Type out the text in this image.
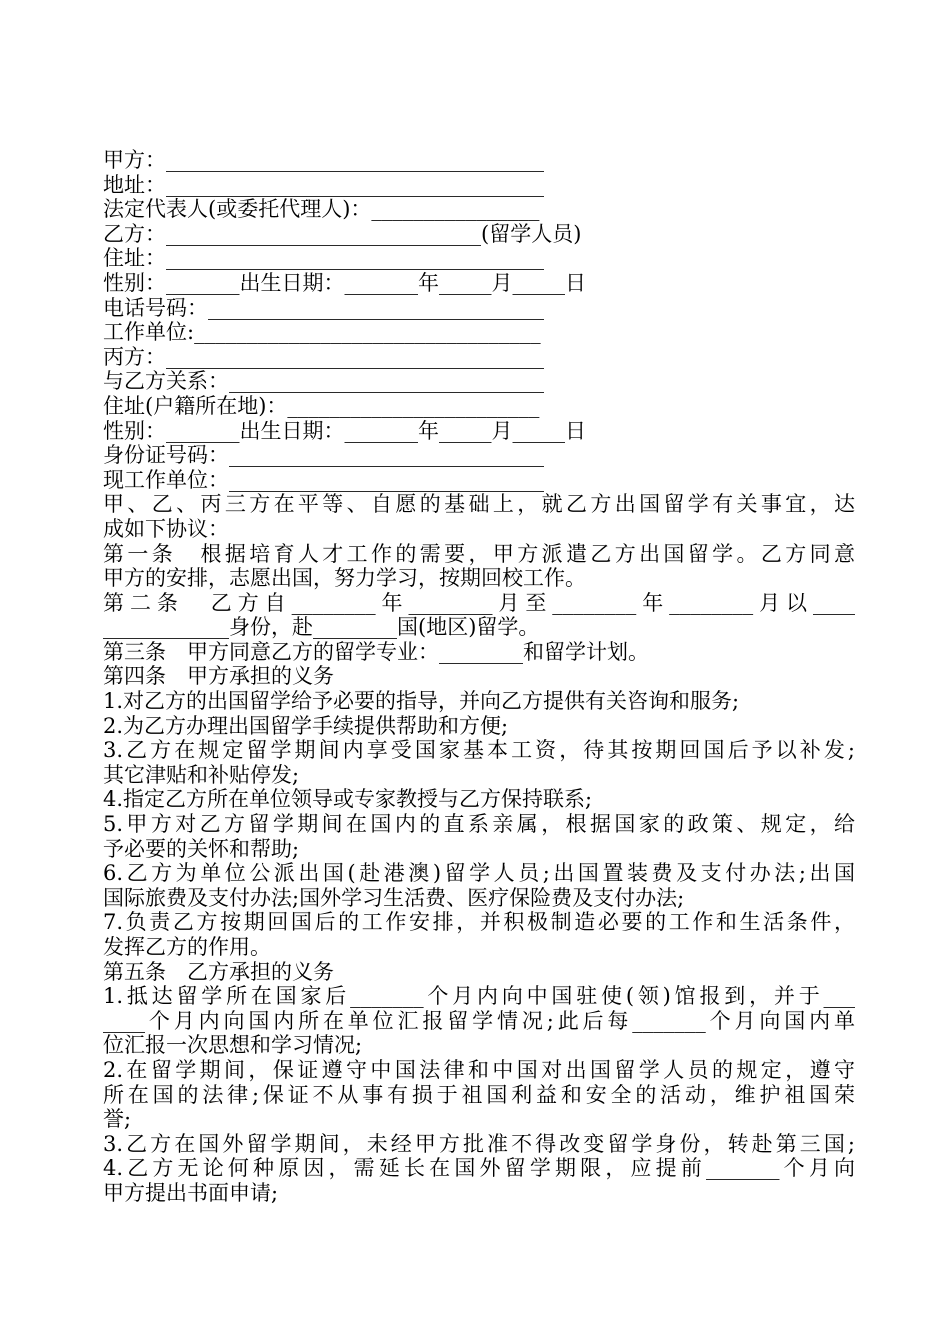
甲方：____________________________________
地址：____________________________________
法定代表人(或委托代理人)：________________
乙方：______________________________(留学人员)
住址：____________________________________
性别：_______出生日期：_______年_____月_____日
电话号码：________________________________
工作单位:_________________________________
丙方：____________________________________
与乙方关系：______________________________
住址(户籍所在地)：________________________
性别：_______出生日期：_______年_____月_____日
身份证号码：______________________________
现工作单位：______________________________
甲、乙、丙三方在平等、自愿的基础上，就乙方出国留学有关事宜，达
成如下协议：
第一条　根据培育人才工作的需要，甲方派遣乙方出国留学。乙方同意
甲方的安排，志愿出国，努力学习，按期回校工作。
第二条　乙方自________年________月至________年________月以____
____________身份，赴________国(地区)留学。
第三条　甲方同意乙方的留学专业：________和留学计划。
第四条　甲方承担的义务
1.对乙方的出国留学给予必要的指导，并向乙方提供有关咨询和服务;
2.为乙方办理出国留学手续提供帮助和方便;
3.乙方在规定留学期间内享受国家基本工资，待其按期回国后予以补发;
其它津贴和补贴停发;
4.指定乙方所在单位领导或专家教授与乙方保持联系;
5.甲方对乙方留学期间在国内的直系亲属，根据国家的政策、规定，给
予必要的关怀和帮助;
6.乙方为单位公派出国(赴港澳)留学人员;出国置装费及支付办法;出国
国际旅费及支付办法;国外学习生活费、医疗保险费及支付办法;
7.负责乙方按期回国后的工作安排，并积极制造必要的工作和生活条件，
发挥乙方的作用。
第五条　乙方承担的义务
1.抵达留学所在国家后_______个月内向中国驻使(领)馆报到，并于___
____个月内向国内所在单位汇报留学情况;此后每_______个月向国内单
位汇报一次思想和学习情况;
2.在留学期间，保证遵守中国法律和中国对出国留学人员的规定，遵守
所在国的法律;保证不从事有损于祖国利益和安全的活动，维护祖国荣
誉;
3.乙方在国外留学期间，未经甲方批准不得改变留学身份，转赴第三国;
4.乙方无论何种原因，需延长在国外留学期限，应提前_______个月向
甲方提出书面申请;
